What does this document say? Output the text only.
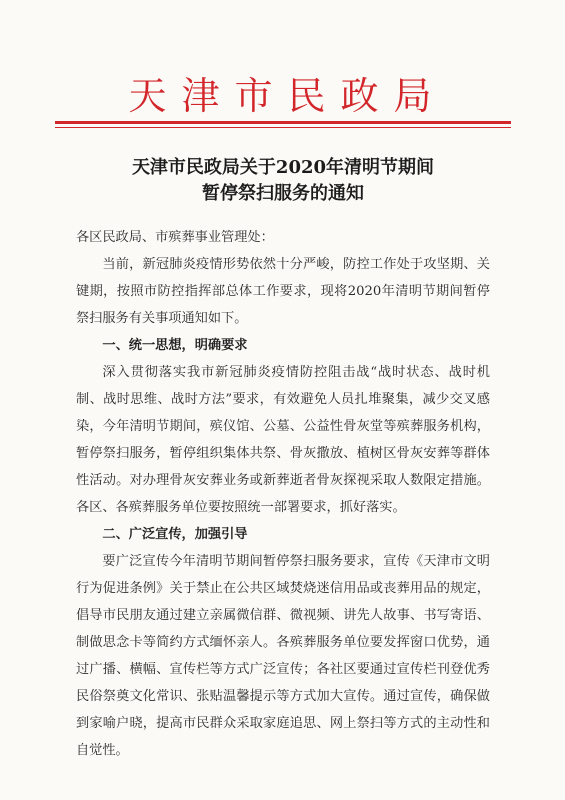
天津市民政局
天津市民政局关于2020年清明节期间
暂停祭扫服务的通知

各区民政局、市殡葬事业管理处：

当前，新冠肺炎疫情形势依然十分严峻，防控工作处于攻坚期、关键期，按照市防控指挥部总体工作要求，现将2020年清明节期间暂停祭扫服务有关事项通知如下。

一、统一思想，明确要求

深入贯彻落实我市新冠肺炎疫情防控阻击战“战时状态、战时机制、战时思维、战时方法”要求，有效避免人员扎堆聚集，减少交叉感染，今年清明节期间，殡仪馆、公墓、公益性骨灰堂等殡葬服务机构，暂停祭扫服务，暂停组织集体共祭、骨灰撒放、植树区骨灰安葬等群体性活动。对办理骨灰安葬业务或新葬逝者骨灰探视采取人数限定措施。各区、各殡葬服务单位要按照统一部署要求，抓好落实。

二、广泛宣传，加强引导

要广泛宣传今年清明节期间暂停祭扫服务要求，宣传《天津市文明行为促进条例》关于禁止在公共区域焚烧迷信用品或丧葬用品的规定，倡导市民朋友通过建立亲属微信群、微视频、讲先人故事、书写寄语、制做思念卡等简约方式缅怀亲人。各殡葬服务单位要发挥窗口优势，通过广播、横幅、宣传栏等方式广泛宣传；各社区要通过宣传栏刊登优秀民俗祭奠文化常识、张贴温馨提示等方式加大宣传。通过宣传，确保做到家喻户晓，提高市民群众采取家庭追思、网上祭扫等方式的主动性和自觉性。
